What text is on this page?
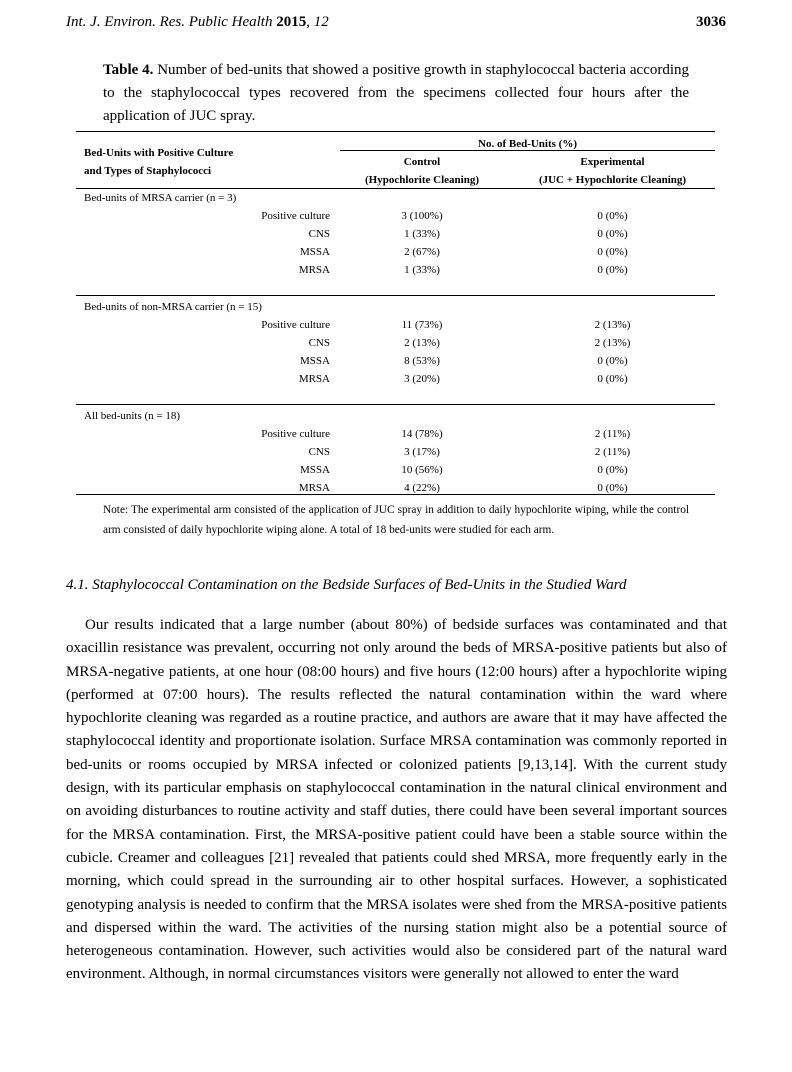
Int. J. Environ. Res. Public Health 2015, 12	3036
Table 4. Number of bed-units that showed a positive growth in staphylococcal bacteria according to the staphylococcal types recovered from the specimens collected four hours after the application of JUC spray.
Bed-Units with Positive Culture
and Types of Staphylococci
No. of Bed-Units (%)
Control
(Hypochlorite Cleaning)
Experimental
(JUC + Hypochlorite Cleaning)
Bed-units of MRSA carrier (n = 3)
Positive culture	3 (100%)	0 (0%)
CNS	1 (33%)	0 (0%)
MSSA	2 (67%)	0 (0%)
MRSA	1 (33%)	0 (0%)
Bed-units of non-MRSA carrier (n = 15)
Positive culture	11 (73%)	2 (13%)
CNS	2 (13%)	2 (13%)
MSSA	8 (53%)	0 (0%)
MRSA	3 (20%)	0 (0%)
All bed-units (n = 18)
Positive culture	14 (78%)	2 (11%)
CNS	3 (17%)	2 (11%)
MSSA	10 (56%)	0 (0%)
MRSA	4 (22%)	0 (0%)
Note: The experimental arm consisted of the application of JUC spray in addition to daily hypochlorite wiping, while the control arm consisted of daily hypochlorite wiping alone. A total of 18 bed-units were studied for each arm.
4.1. Staphylococcal Contamination on the Bedside Surfaces of Bed-Units in the Studied Ward
Our results indicated that a large number (about 80%) of bedside surfaces was contaminated and that oxacillin resistance was prevalent, occurring not only around the beds of MRSA-positive patients but also of MRSA-negative patients, at one hour (08:00 hours) and five hours (12:00 hours) after a hypochlorite wiping (performed at 07:00 hours). The results reflected the natural contamination within the ward where hypochlorite cleaning was regarded as a routine practice, and authors are aware that it may have affected the staphylococcal identity and proportionate isolation. Surface MRSA contamination was commonly reported in bed-units or rooms occupied by MRSA infected or colonized patients [9,13,14]. With the current study design, with its particular emphasis on staphylococcal contamination in the natural clinical environment and on avoiding disturbances to routine activity and staff duties, there could have been several important sources for the MRSA contamination. First, the MRSA-positive patient could have been a stable source within the cubicle. Creamer and colleagues [21] revealed that patients could shed MRSA, more frequently early in the morning, which could spread in the surrounding air to other hospital surfaces. However, a sophisticated genotyping analysis is needed to confirm that the MRSA isolates were shed from the MRSA-positive patients and dispersed within the ward. The activities of the nursing station might also be a potential source of heterogeneous contamination. However, such activities would also be considered part of the natural ward environment. Although, in normal circumstances visitors were generally not allowed to enter the ward
